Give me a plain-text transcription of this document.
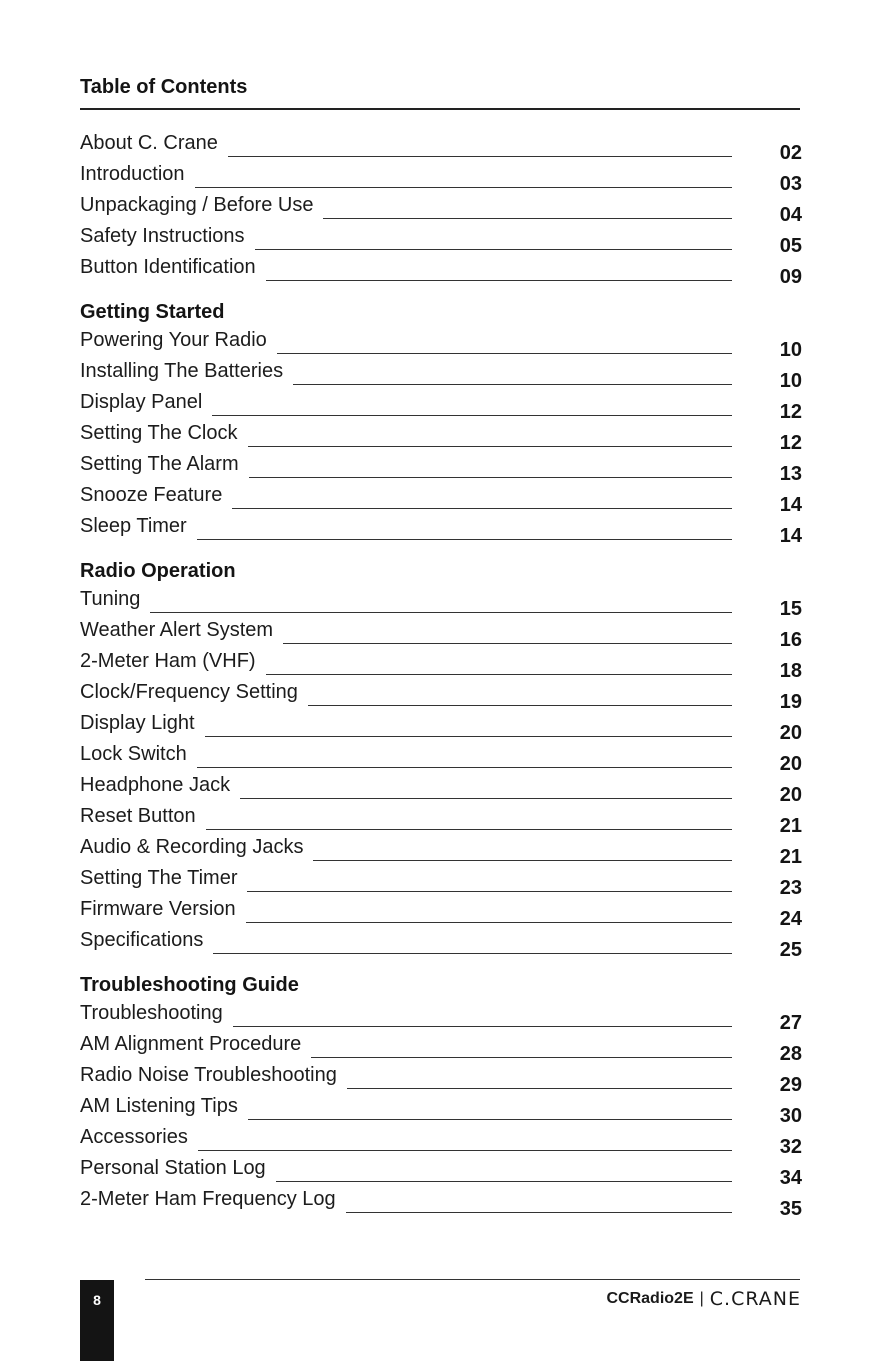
Table of Contents
About C. Crane	02
Introduction	03
Unpackaging / Before Use	04
Safety Instructions	05
Button Identification	09
Getting Started
Powering Your Radio	10
Installing The Batteries	10
Display Panel	12
Setting The Clock	12
Setting The Alarm	13
Snooze Feature	14
Sleep Timer	14
Radio Operation
Tuning	15
Weather Alert System	16
2-Meter Ham (VHF)	18
Clock/Frequency Setting	19
Display Light	20
Lock Switch	20
Headphone Jack	20
Reset Button	21
Audio & Recording Jacks	21
Setting The Timer	23
Firmware Version	24
Specifications	25
Troubleshooting Guide
Troubleshooting	27
AM Alignment Procedure	28
Radio Noise Troubleshooting	29
AM Listening Tips	30
Accessories	32
Personal Station Log	34
2-Meter Ham Frequency Log	35
8	CCRadio2E | C.CRANE
